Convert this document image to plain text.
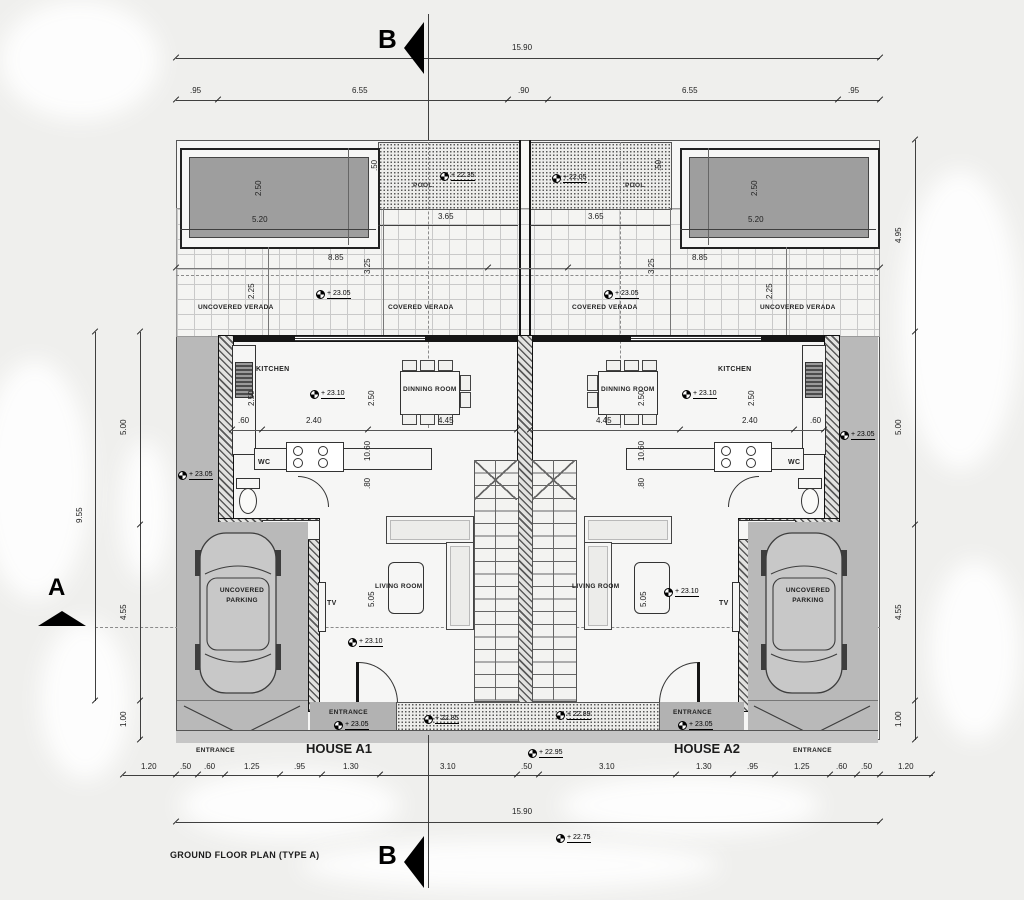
15.90
.95	6.55	.90	6.55	.95
B
B
A
9.55
5.00
4.55
1.00
4.95
5.00
4.55
1.00
2.50
5.20
2.50
5.20
.50	.50
3.65	3.65
8.85	8.85
3.25	3.25
2.25	2.25
2.50	2.50	2.50	2.50
.60	2.40	4.45	4.45	2.40	.60
10.60
.80
10.60
.80
5.05	5.05
1.20	.50 .60	1.25	.95	1.30	3.10	.50	3.10	1.30	.95	1.25	.60 .50	1.20
15.90
POOL	POOL
UNCOVERED VERADA	UNCOVERED VERADA
COVERED VERADA	COVERED VERADA
KITCHEN	KITCHEN
DINNING ROOM	DINNING ROOM
WC	WC
LIVING ROOM	LIVING ROOM
TV	TV
UNCOVERED PARKING
UNCOVERED PARKING
ENTRANCE	ENTRANCE
ENTRANCE	ENTRANCE
HOUSE A1	HOUSE A2
GROUND FLOOR PLAN (TYPE A)
+ 22.35	+ 22.05
+ 23.05	+ 23.05
+ 23.10	+ 23.10
+ 23.05
+ 23.05
+ 23.10
+ 23.10
+ 23.05	+ 23.05
+ 22.85
+ 22.89
+ 22.95
+ 22.75
